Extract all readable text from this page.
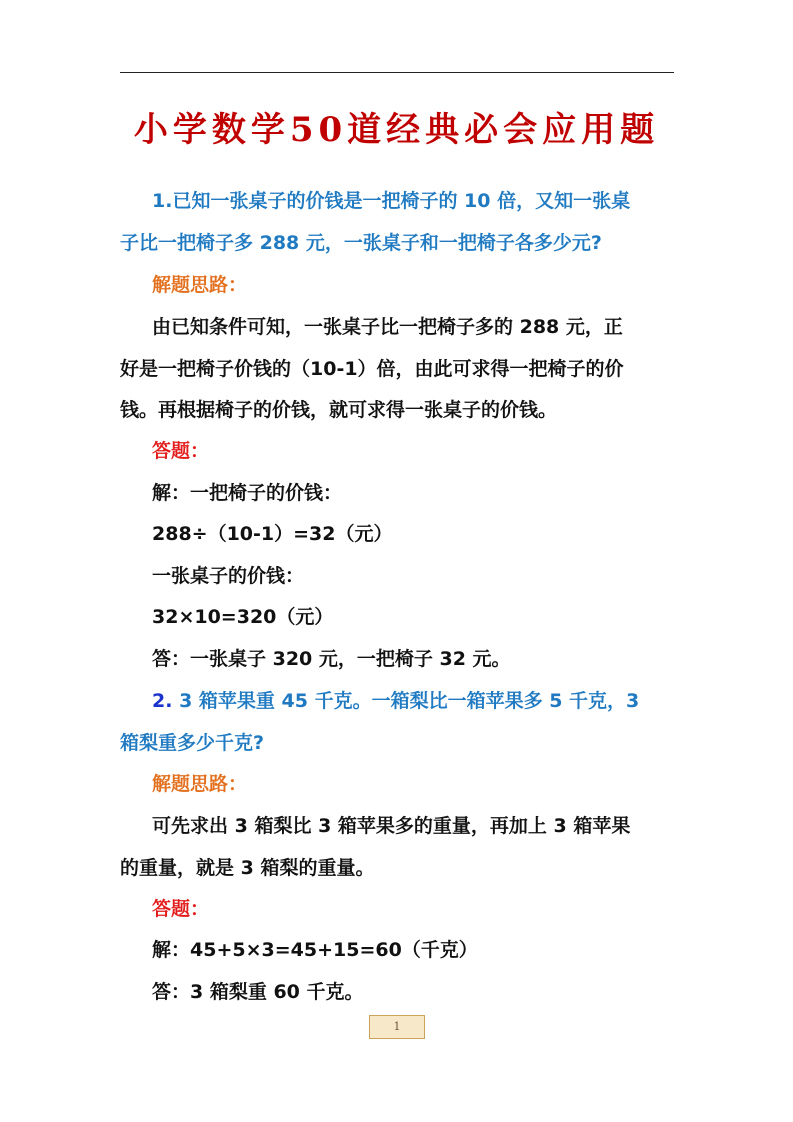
小学数学50道经典必会应用题
1.已知一张桌子的价钱是一把椅子的 10 倍，又知一张桌
子比一把椅子多 288 元，一张桌子和一把椅子各多少元?
解题思路：
由已知条件可知，一张桌子比一把椅子多的 288 元，正
好是一把椅子价钱的（10-1）倍，由此可求得一把椅子的价
钱。再根据椅子的价钱，就可求得一张桌子的价钱。
答题：
解：一把椅子的价钱：
288÷（10-1）=32（元）
一张桌子的价钱：
32×10=320（元）
答：一张桌子 320 元，一把椅子 32 元。
2. 3 箱苹果重 45 千克。一箱梨比一箱苹果多 5 千克，3
箱梨重多少千克?
解题思路：
可先求出 3 箱梨比 3 箱苹果多的重量，再加上 3 箱苹果
的重量，就是 3 箱梨的重量。
答题：
解：45+5×3=45+15=60（千克）
答：3 箱梨重 60 千克。
1
